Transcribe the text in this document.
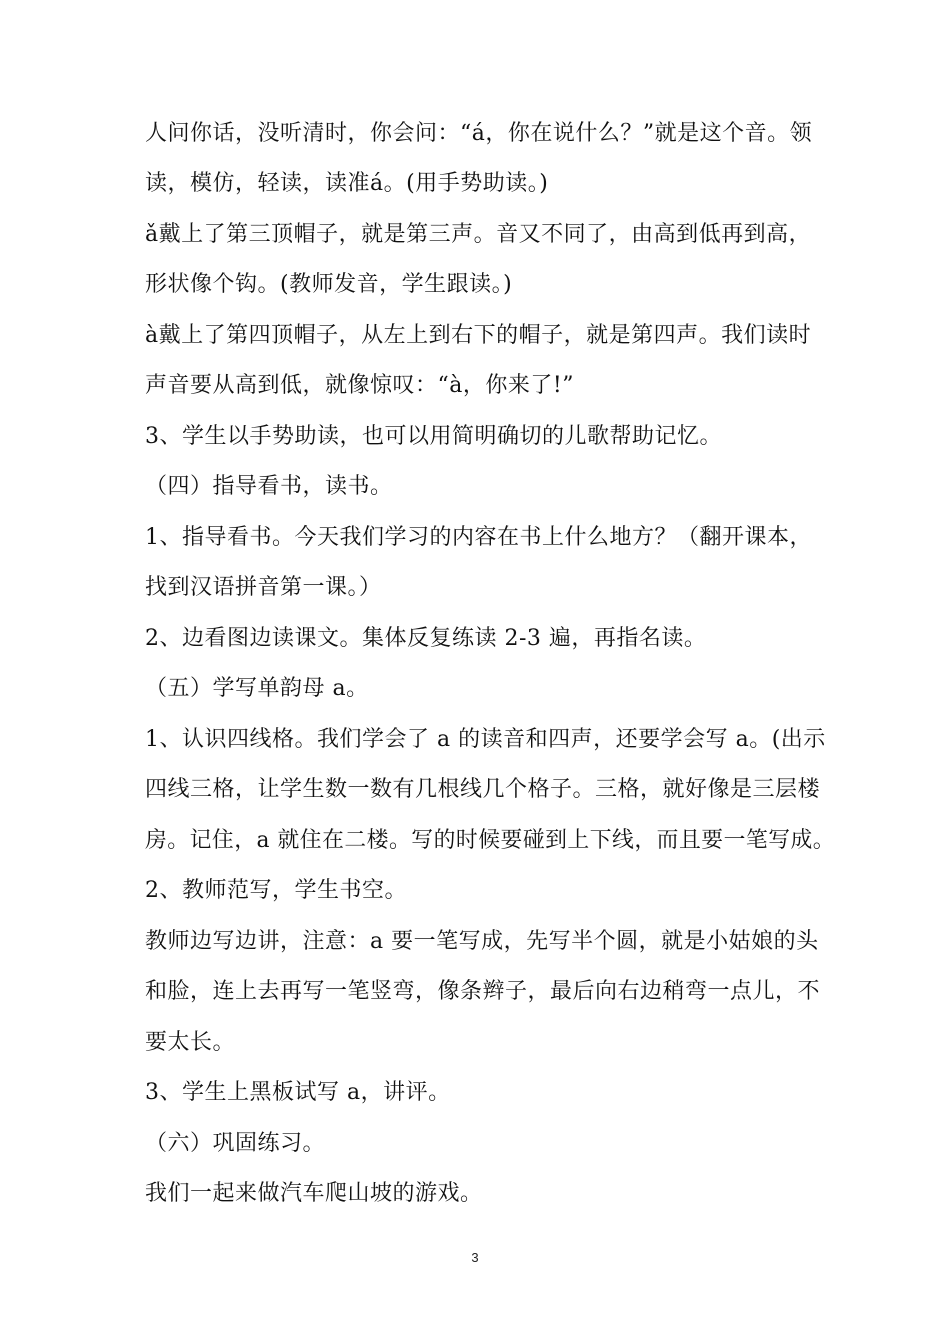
人问你话，没听清时，你会问：“á，你在说什么？”就是这个音。领
读，模仿，轻读，读准á。(用手势助读。)
ǎ戴上了第三顶帽子，就是第三声。音又不同了，由高到低再到高，
形状像个钩。(教师发音，学生跟读。)
à戴上了第四顶帽子，从左上到右下的帽子，就是第四声。我们读时
声音要从高到低，就像惊叹：“à，你来了!”
3、学生以手势助读，也可以用简明确切的儿歌帮助记忆。
（四）指导看书，读书。
1、指导看书。今天我们学习的内容在书上什么地方？（翻开课本，
找到汉语拼音第一课。）
2、边看图边读课文。集体反复练读 2-3 遍，再指名读。
（五）学写单韵母 a。
1、认识四线格。我们学会了 a 的读音和四声，还要学会写 a。(出示
四线三格，让学生数一数有几根线几个格子。三格，就好像是三层楼
房。记住，a 就住在二楼。写的时候要碰到上下线，而且要一笔写成。
2、教师范写，学生书空。
教师边写边讲，注意：a 要一笔写成，先写半个圆，就是小姑娘的头
和脸，连上去再写一笔竖弯，像条辫子，最后向右边稍弯一点儿，不
要太长。
3、学生上黑板试写 a，讲评。
（六）巩固练习。
我们一起来做汽车爬山坡的游戏。
3
